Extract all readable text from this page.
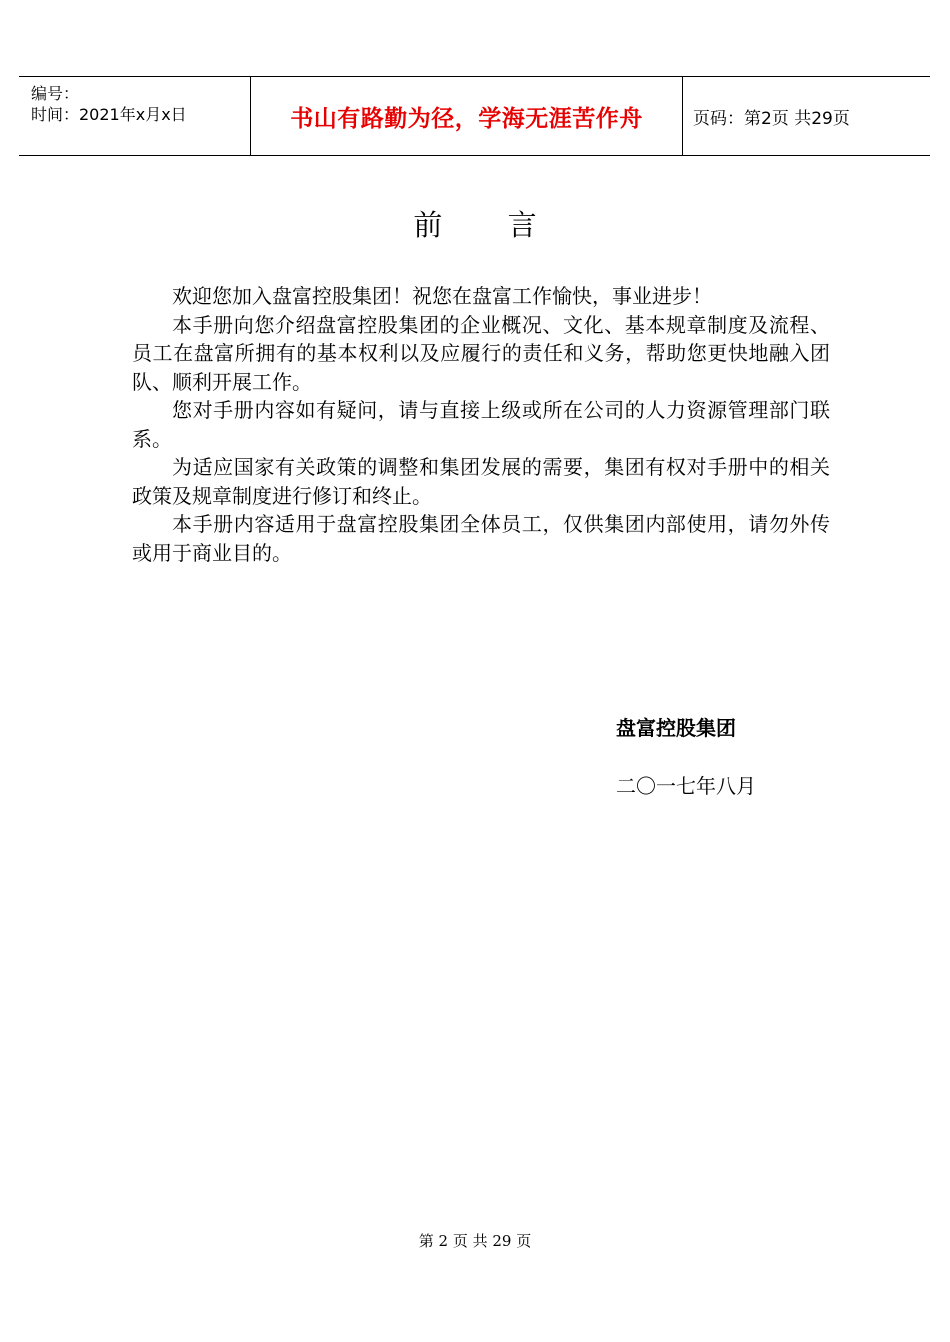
编号：
时间：2021年x月x日	书山有路勤为径，学海无涯苦作舟	页码：第2页 共29页
前 言

欢迎您加入盘富控股集团！祝您在盘富工作愉快，事业进步！

本手册向您介绍盘富控股集团的企业概况、文化、基本规章制度及流程、员工在盘富所拥有的基本权利以及应履行的责任和义务，帮助您更快地融入团队、顺利开展工作。

您对手册内容如有疑问，请与直接上级或所在公司的人力资源管理部门联系。

为适应国家有关政策的调整和集团发展的需要，集团有权对手册中的相关政策及规章制度进行修订和终止。

本手册内容适用于盘富控股集团全体员工，仅供集团内部使用，请勿外传或用于商业目的。

盘富控股集团
二〇一七年八月
第 2 页 共 29 页
